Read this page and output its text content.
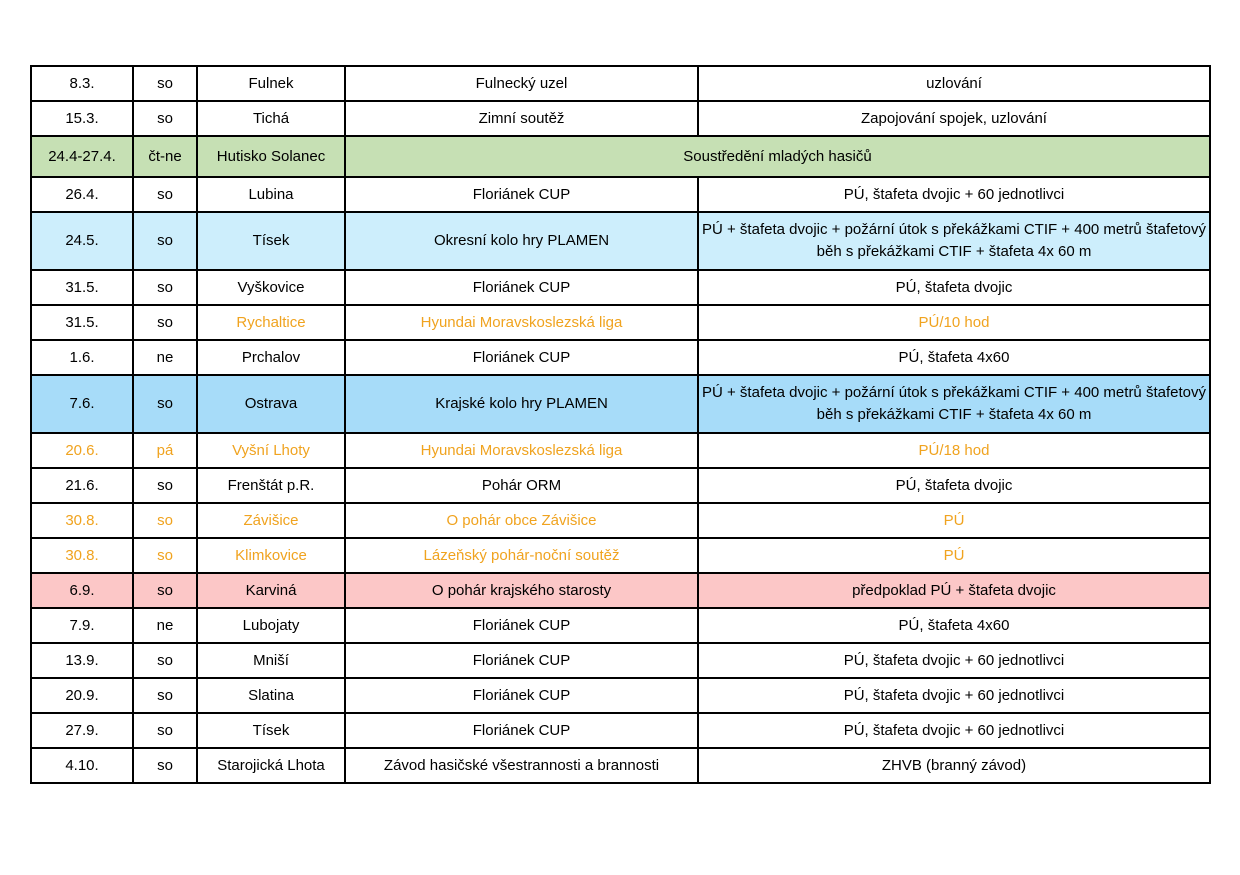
8.3.	so	Fulnek	Fulnecký uzel	uzlování
15.3.	so	Tichá	Zimní soutěž	Zapojování spojek, uzlování
24.4-27.4.	čt-ne	Hutisko Solanec	Soustředění mladých hasičů	
26.4.	so	Lubina	Floriánek CUP	PÚ, štafeta dvojic + 60 jednotlivci
24.5.	so	Tísek	Okresní kolo hry PLAMEN	PÚ + štafeta dvojic + požární útok s překážkami CTIF + 400 metrů štafetový běh s překážkami CTIF + štafeta 4x 60 m
31.5.	so	Vyškovice	Floriánek CUP	PÚ, štafeta dvojic
31.5.	so	Rychaltice	Hyundai Moravskoslezská liga	PÚ/10 hod
1.6.	ne	Prchalov	Floriánek CUP	PÚ, štafeta 4x60
7.6.	so	Ostrava	Krajské kolo hry PLAMEN	PÚ + štafeta dvojic + požární útok s překážkami CTIF + 400 metrů štafetový běh s překážkami CTIF + štafeta 4x 60 m
20.6.	pá	Vyšní Lhoty	Hyundai Moravskoslezská liga	PÚ/18 hod
21.6.	so	Frenštát p.R.	Pohár ORM	PÚ, štafeta dvojic
30.8.	so	Závišice	O pohár obce Závišice	PÚ
30.8.	so	Klimkovice	Lázeňský pohár-noční soutěž	PÚ
6.9.	so	Karviná	O pohár krajského starosty	předpoklad PÚ + štafeta dvojic
7.9.	ne	Lubojaty	Floriánek CUP	PÚ, štafeta 4x60
13.9.	so	Mniší	Floriánek CUP	PÚ, štafeta dvojic + 60 jednotlivci
20.9.	so	Slatina	Floriánek CUP	PÚ, štafeta dvojic + 60 jednotlivci
27.9.	so	Tísek	Floriánek CUP	PÚ, štafeta dvojic + 60 jednotlivci
4.10.	so	Starojická Lhota	Závod hasičské všestrannosti a brannosti	ZHVB (branný závod)
